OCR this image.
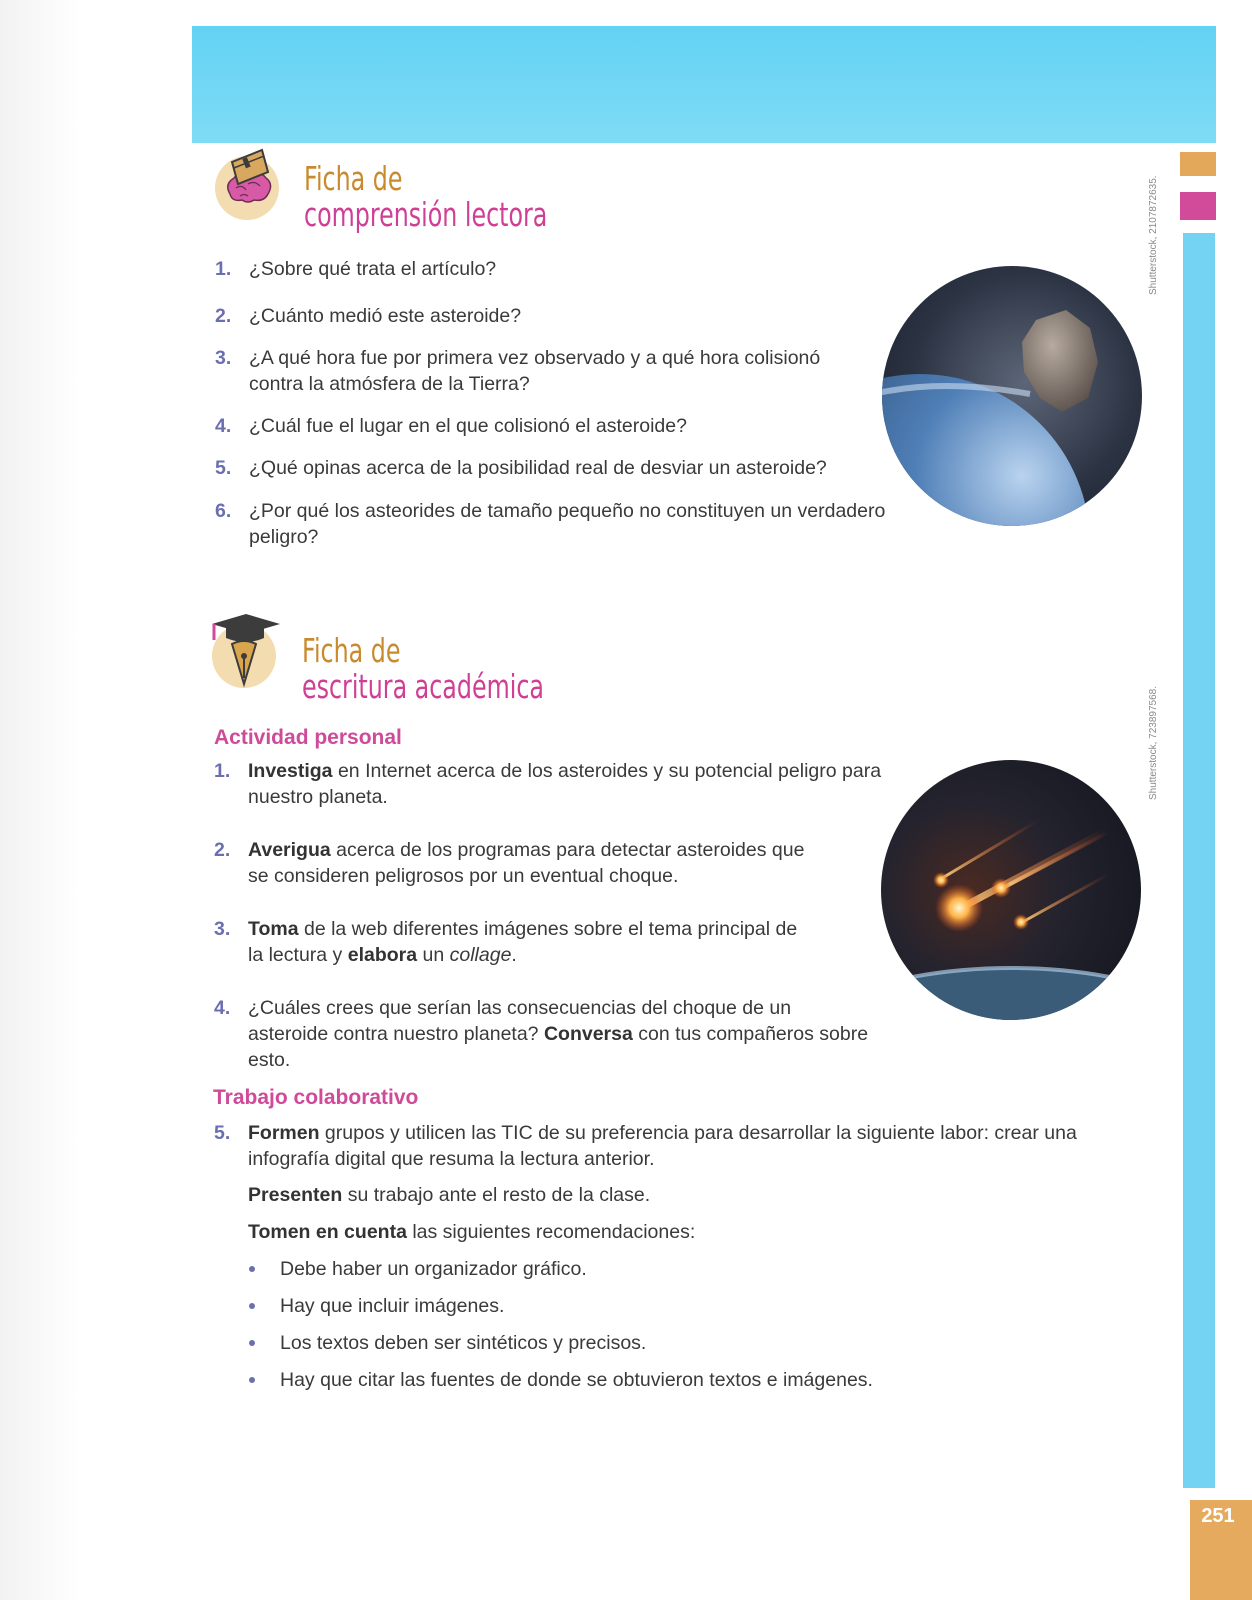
251
Shutterstock, 2107872635.
Shutterstock, 723897568.
Ficha de
comprensión lectora
1. ¿Sobre qué trata el artículo?
2. ¿Cuánto medió este asteroide?
3. ¿A qué hora fue por primera vez observado y a qué hora colisionó contra la atmósfera de la Tierra?
4. ¿Cuál fue el lugar en el que colisionó el asteroide?
5. ¿Qué opinas acerca de la posibilidad real de desviar un asteroide?
6. ¿Por qué los asteorides de tamaño pequeño no constituyen un verdadero peligro?
Ficha de
escritura académica
Actividad personal
1. Investiga en Internet acerca de los asteroides y su potencial peligro para nuestro planeta.
2. Averigua acerca de los programas para detectar asteroides que se consideren peligrosos por un eventual choque.
3. Toma de la web diferentes imágenes sobre el tema principal de la lectura y elabora un collage.
4. ¿Cuáles crees que serían las consecuencias del choque de un asteroide contra nuestro planeta? Conversa con tus compañeros sobre esto.
Trabajo colaborativo
5. Formen grupos y utilicen las TIC de su preferencia para desarrollar la siguiente labor: crear una infografía digital que resuma la lectura anterior.
Presenten su trabajo ante el resto de la clase.
Tomen en cuenta las siguientes recomendaciones:
Debe haber un organizador gráfico.
Hay que incluir imágenes.
Los textos deben ser sintéticos y precisos.
Hay que citar las fuentes de donde se obtuvieron textos e imágenes.
